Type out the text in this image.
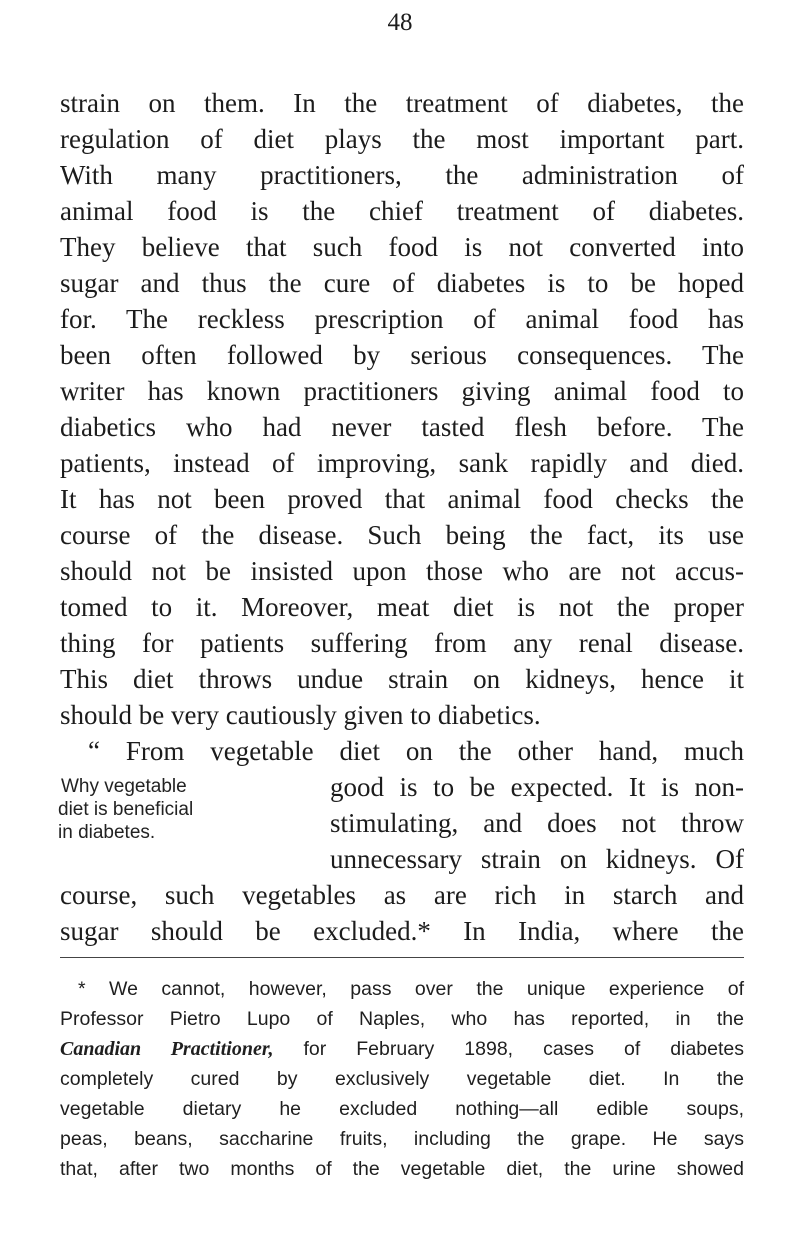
48
strain on them. In the treatment of diabetes, the
regulation of diet plays the most important part.
With many practitioners, the administration of
animal food is the chief treatment of diabetes.
They believe that such food is not converted into
sugar and thus the cure of diabetes is to be hoped
for. The reckless prescription of animal food has
been often followed by serious consequences. The
writer has known practitioners giving animal food to
diabetics who had never tasted flesh before. The
patients, instead of improving, sank rapidly and died.
It has not been proved that animal food checks the
course of the disease. Such being the fact, its use
should not be insisted upon those who are not accus-
tomed to it. Moreover, meat diet is not the proper
thing for patients suffering from any renal disease.
This diet throws undue strain on kidneys, hence it
should be very cautiously given to diabetics.
“ From vegetable diet on the other hand, much
good is to be expected. It is non-
stimulating, and does not throw
unnecessary strain on kidneys. Of
course, such vegetables as are rich in starch and
sugar should be excluded.* In India, where the
Why vegetable
diet is beneficial
in diabetes.
* We cannot, however, pass over the unique experience of
Professor Pietro Lupo of Naples, who has reported, in the
Canadian Practitioner, for February 1898, cases of diabetes
completely cured by exclusively vegetable diet. In the
vegetable dietary he excluded nothing—all edible soups,
peas, beans, saccharine fruits, including the grape. He says
that, after two months of the vegetable diet, the urine showed
